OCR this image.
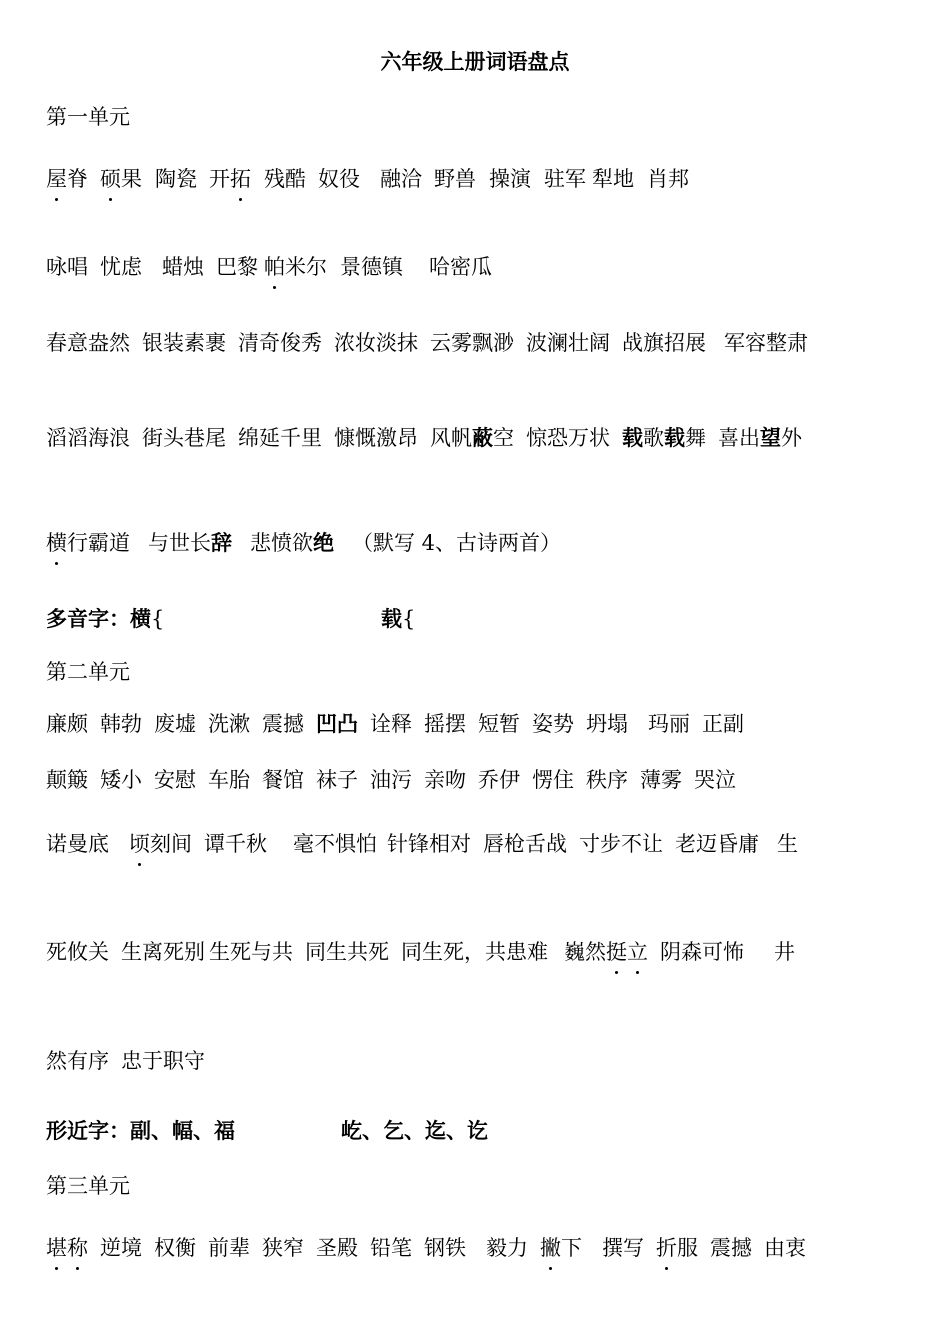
六年级上册词语盘点
第一单元
屋脊 硕果 陶瓷 开拓 残酷 奴役 融洽 野兽 操演 驻军 犁地 肖邦
咏唱 忧虑 蜡烛 巴黎 帕米尔 景德镇 哈密瓜
春意盎然 银装素裹 清奇俊秀 浓妆淡抹 云雾飘渺 波澜壮阔 战旗招展 军容整肃
滔滔海浪 街头巷尾 绵延千里 慷慨激昂 风帆蔽空 惊恐万状 载歌载舞 喜出望外
横行霸道 与世长辞 悲愤欲绝 （默写 4、古诗两首）
多音字：横{	载{
第二单元
廉颇 韩勃 废墟 洗漱 震撼 凹凸 诠释 摇摆 短暂 姿势 坍塌 玛丽 正副
颠簸 矮小 安慰 车胎 餐馆 袜子 油污 亲吻 乔伊 愣住 秩序 薄雾 哭泣
诺曼底 顷刻间 谭千秋 毫不惧怕 针锋相对 唇枪舌战 寸步不让 老迈昏庸 生
死攸关 生离死别 生死与共 同生共死 同生死，共患难 巍然挺立 阴森可怖 井
然有序 忠于职守
形近字：副、幅、福	屹、乞、迄、讫
第三单元
堪称 逆境 权衡 前辈 狭窄 圣殿 铅笔 钢铁 毅力 撇下 撰写 折服 震撼 由衷
